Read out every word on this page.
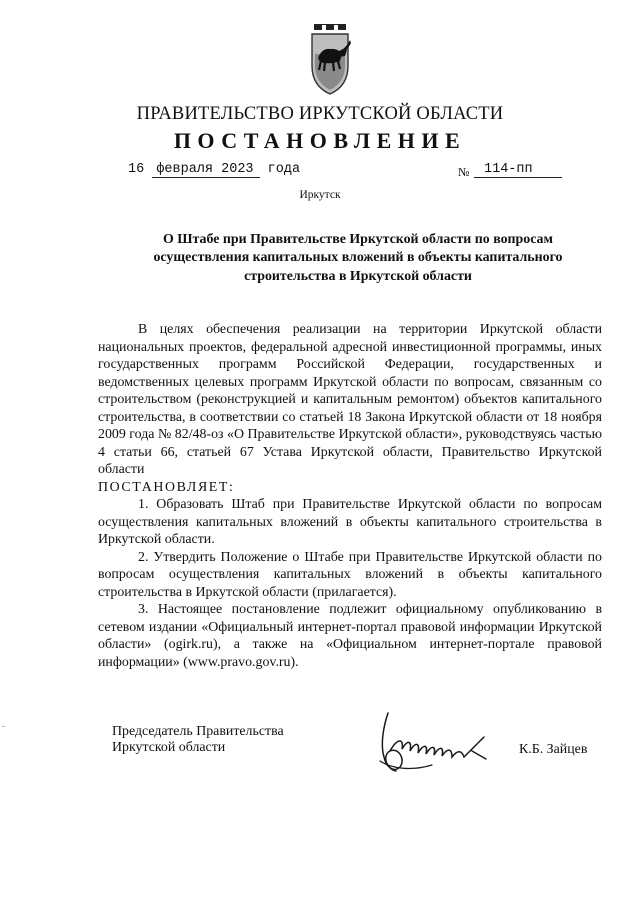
ПРАВИТЕЛЬСТВО ИРКУТСКОЙ ОБЛАСТИ
ПОСТАНОВЛЕНИЕ
16 февраля 2023 года	№	114-пп
Иркутск
О Штабе при Правительстве Иркутской области по вопросам осуществления капитальных вложений в объекты капитального строительства в Иркутской области

В целях обеспечения реализации на территории Иркутской области национальных проектов, федеральной адресной инвестиционной программы, иных государственных программ Российской Федерации, государственных и ведомственных целевых программ Иркутской области по вопросам, связанным со строительством (реконструкцией и капитальным ремонтом) объектов капитального строительства, в соответствии со статьей 18 Закона Иркутской области от 18 ноября 2009 года № 82/48-оз «О Правительстве Иркутской области», руководствуясь частью 4 статьи 66, статьей 67 Устава Иркутской области, Правительство Иркутской области

ПОСТАНОВЛЯЕТ:

1. Образовать Штаб при Правительстве Иркутской области по вопросам осуществления капитальных вложений в объекты капитального строительства в Иркутской области.

2. Утвердить Положение о Штабе при Правительстве Иркутской области по вопросам осуществления капитальных вложений в объекты капитального строительства в Иркутской области (прилагается).

3. Настоящее постановление подлежит официальному опубликованию в сетевом издании «Официальный интернет-портал правовой информации Иркутской области» (ogirk.ru), а также на «Официальном интернет-портале правовой информации» (www.pravo.gov.ru).

Председатель Правительства
Иркутской области	К.Б. Зайцев
